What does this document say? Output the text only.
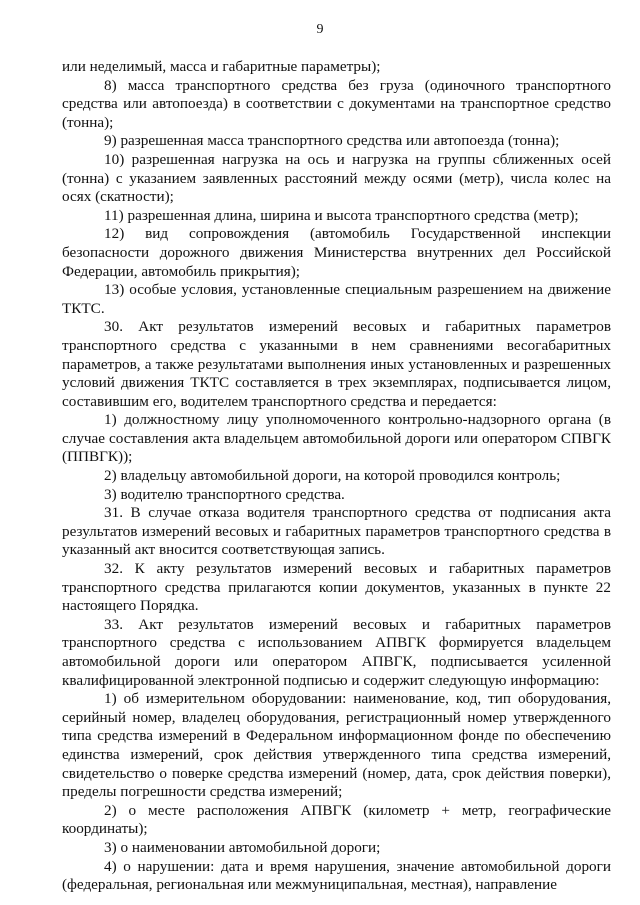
9

или неделимый, масса и габаритные параметры);

8) масса транспортного средства без груза (одиночного транспортного средства или автопоезда) в соответствии с документами на транспортное средство (тонна);

9) разрешенная масса транспортного средства или автопоезда (тонна);

10) разрешенная нагрузка на ось и нагрузка на группы сближенных осей (тонна) с указанием заявленных расстояний между осями (метр), числа колес на осях (скатности);

11) разрешенная длина, ширина и высота транспортного средства (метр);

12) вид сопровождения (автомобиль Государственной инспекции безопасности дорожного движения Министерства внутренних дел Российской Федерации, автомобиль прикрытия);

13) особые условия, установленные специальным разрешением на движение ТКТС.

30. Акт результатов измерений весовых и габаритных параметров транспортного средства с указанными в нем сравнениями весогабаритных параметров, а также результатами выполнения иных установленных и разрешенных условий движения ТКТС составляется в трех экземплярах, подписывается лицом, составившим его, водителем транспортного средства и передается:

1) должностному лицу уполномоченного контрольно-надзорного органа (в случае составления акта владельцем автомобильной дороги или оператором СПВГК (ППВГК));

2) владельцу автомобильной дороги, на которой проводился контроль;

3) водителю транспортного средства.

31. В случае отказа водителя транспортного средства от подписания акта результатов измерений весовых и габаритных параметров транспортного средства в указанный акт вносится соответствующая запись.

32. К акту результатов измерений весовых и габаритных параметров транспортного средства прилагаются копии документов, указанных в пункте 22 настоящего Порядка.

33. Акт результатов измерений весовых и габаритных параметров транспортного средства с использованием АПВГК формируется владельцем автомобильной дороги или оператором АПВГК, подписывается усиленной квалифицированной электронной подписью и содержит следующую информацию:

1) об измерительном оборудовании: наименование, код, тип оборудования, серийный номер, владелец оборудования, регистрационный номер утвержденного типа средства измерений в Федеральном информационном фонде по обеспечению единства измерений, срок действия утвержденного типа средства измерений, свидетельство о поверке средства измерений (номер, дата, срок действия поверки), пределы погрешности средства измерений;

2) о месте расположения АПВГК (километр + метр, географические координаты);

3) о наименовании автомобильной дороги;

4) о нарушении: дата и время нарушения, значение автомобильной дороги (федеральная, региональная или межмуниципальная, местная), направление
